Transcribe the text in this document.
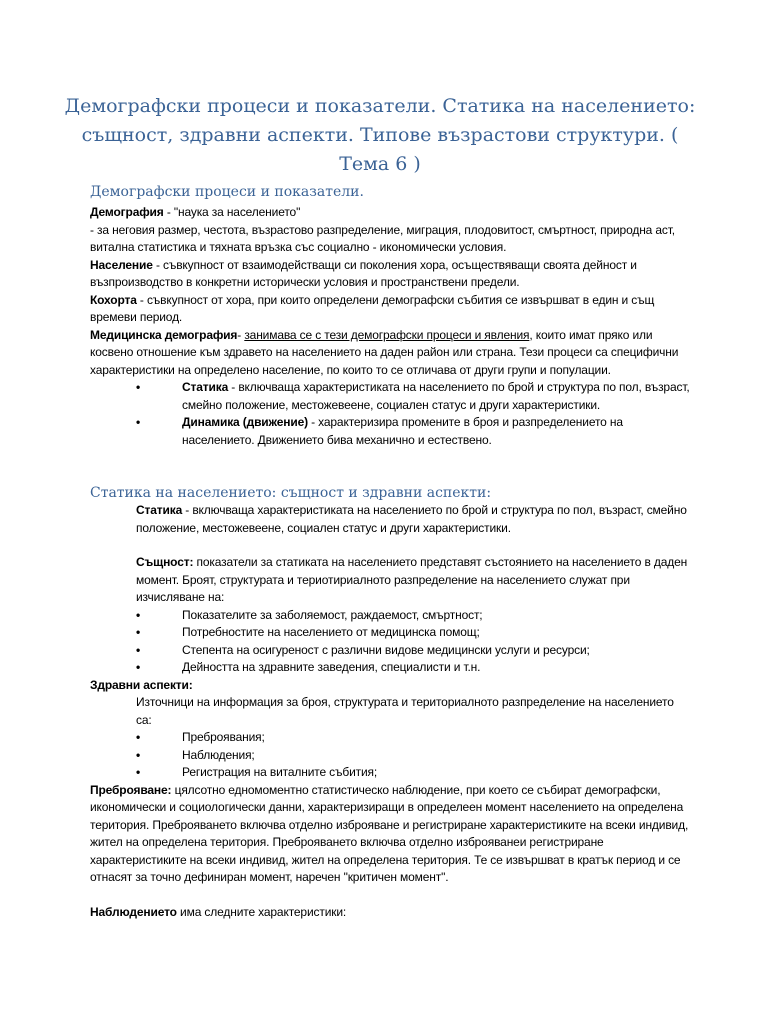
Демографски процеси и показатели. Статика на населението: същност, здравни аспекти. Типове възрастови структури. ( Тема 6 )
Демографски процеси и показатели.

Демография - "наука за населението"

- за неговия размер, честота, възрастово разпределение, миграция, плодовитост, смъртност, природна аст, витална статистика и тяхната връзка със социално - икономически условия.

Население - съвкупност от взаимодействащи си поколения хора, осъществяващи своята дейност и възпроизводство в конкретни исторически условия и пространствени предели.

Кохорта - съвкупност от хора, при които определени демографски събития се извършват в един и същ времеви период.

Медицинска демография- занимава се с тези демографски процеси и явления, които имат пряко или косвено отношение към здравето на населението на даден район или страна. Тези процеси са специфични характеристики на определено население, по които то се отличава от други групи и популации.

•	Статика - включваща характеристиката на населението по брой и структура по пол, възраст, смейно положение, местожевеене, социален статус и други характеристики.
•	Динамика (движение) - характеризира промените в броя и разпределението на населението. Движението бива механично и естествено.
Статика на населението: същност и здравни аспекти:

Статика - включваща характеристиката на населението по брой и структура по пол, възраст, смейно положение, местожевеене, социален статус и други характеристики.

Същност: показатели за статиката на населението представят състоянието на населението в даден момент. Броят, структурата и териотириалното разпределение на населението служат при изчисляване на:

•	Показателите за заболяемост, раждаемост, смъртност;
•	Потребностите на населението от медицинска помощ;
•	Степента на осигуреност с различни видове медицински услуги и ресурси;
•	Дейността на здравните заведения, специалисти и т.н.

Здравни аспекти:

Източници на информация за броя, структурата и териториалното разпределение на населението са:

•	Преброявания;
•	Наблюдения;
•	Регистрация на виталните събития;

Преброяване: цялсотно едномоментно статистическо наблюдение, при което се събират демографски, икономически и социологически данни, характеризиращи в определеен момент населението на определена територия. Преброяването включва отделно изброяване и регистриране характеристиките на всеки индивид, жител на определена територия. Преброяването включва отделно изброяванеи регистриране характеристиките на всеки индивид, жител на определена територия. Те се извършват в кратък период и се отнасят за точно дефиниран момент, наречен "критичен момент".

Наблюдението има следните характеристики:
